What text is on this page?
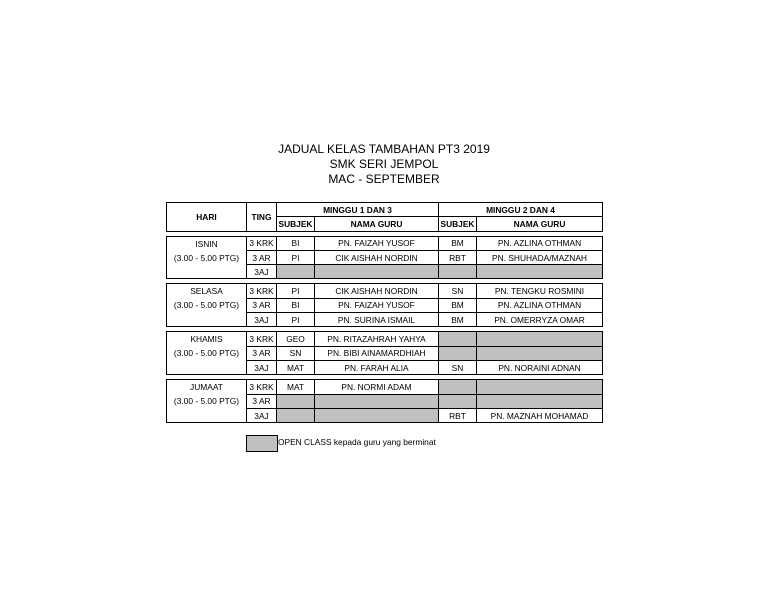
JADUAL KELAS TAMBAHAN PT3 2019
SMK SERI JEMPOL
MAC - SEPTEMBER
HARI	TING	MINGGU 1 DAN 3		MINGGU 2 DAN 4	
		SUBJEK	NAMA GURU	SUBJEK	NAMA GURU

ISNIN
(3.00 - 5.00 PTG)	3 KRK	BI	PN. FAIZAH YUSOF	BM	PN. AZLINA OTHMAN
	3 AR	PI	CIK AISHAH NORDIN	RBT	PN. SHUHADA/MAZNAH
	3AJ				

SELASA
(3.00 - 5.00 PTG)	3 KRK	PI	CIK AISHAH NORDIN	SN	PN. TENGKU ROSMINI
	3 AR	BI	PN. FAIZAH YUSOF	BM	PN. AZLINA OTHMAN
	3AJ	PI	PN. SURINA ISMAIL	BM	PN. OMERRYZA OMAR

KHAMIS
(3.00 - 5.00 PTG)	3 KRK	GEO	PN. RITAZAHRAH YAHYA		
	3 AR	SN	PN. BIBI AINAMARDHIAH		
	3AJ	MAT	PN. FARAH ALIA	SN	PN. NORAINI ADNAN

JUMAAT
(3.00 - 5.00 PTG)	3 KRK	MAT	PN. NORMI ADAM		
	3 AR				
	3AJ			RBT	PN. MAZNAH MOHAMAD
OPEN CLASS kepada guru yang berminat
